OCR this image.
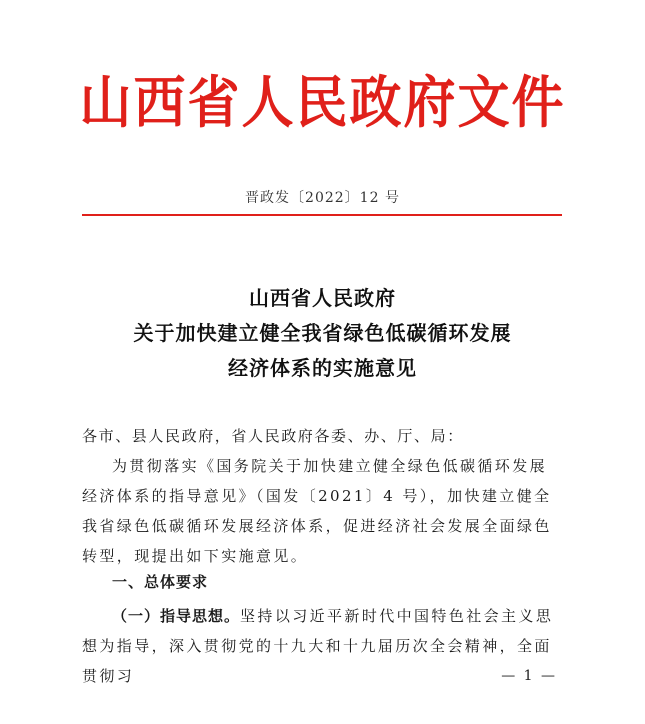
山西省人民政府文件
晋政发〔2022〕12 号
山西省人民政府
关于加快建立健全我省绿色低碳循环发展
经济体系的实施意见
各市、县人民政府，省人民政府各委、办、厅、局：
为贯彻落实《国务院关于加快建立健全绿色低碳循环发展经济体系的指导意见》（国发〔2021〕4 号），加快建立健全我省绿色低碳循环发展经济体系，促进经济社会发展全面绿色转型，现提出如下实施意见。
一、总体要求
（一）指导思想。坚持以习近平新时代中国特色社会主义思想为指导，深入贯彻党的十九大和十九届历次全会精神，全面贯彻习	— 1 —
